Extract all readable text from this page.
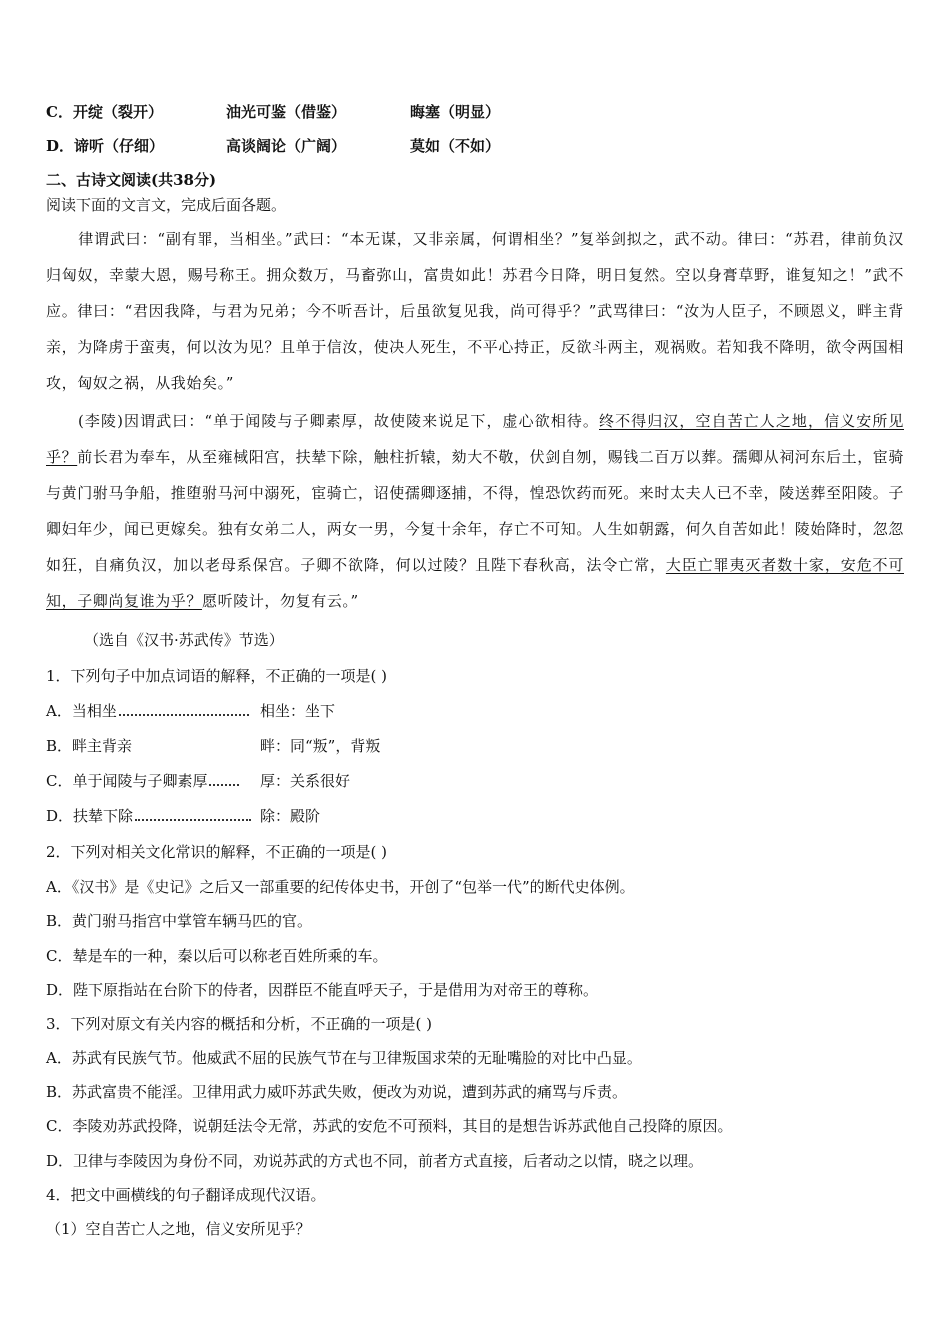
C．开绽（裂开）	油光可鉴（借鉴）	晦塞（明显）
D．谛听（仔细）	高谈阔论（广阔）	莫如（不如）
二、古诗文阅读(共38分)
阅读下面的文言文，完成后面各题。
律谓武曰：“副有罪，当相坐。”武曰：“本无谋，又非亲属，何谓相坐？”复举剑拟之，武不动。律曰：“苏君，律前负汉归匈奴，幸蒙大恩，赐号称王。拥众数万，马畜弥山，富贵如此！苏君今日降，明日复然。空以身膏草野，谁复知之！”武不应。律曰：“君因我降，与君为兄弟；今不听吾计，后虽欲复见我，尚可得乎？”武骂律曰：“汝为人臣子，不顾恩义，畔主背亲，为降虏于蛮夷，何以汝为见？且单于信汝，使决人死生，不平心持正，反欲斗两主，观祸败。若知我不降明，欲令两国相攻，匈奴之祸，从我始矣。”
(李陵)因谓武曰：“单于闻陵与子卿素厚，故使陵来说足下，虚心欲相待。终不得归汉，空自苦亡人之地，信义安所见乎？前长君为奉车，从至雍棫阳宫，扶辇下除，触柱折辕，劾大不敬，伏剑自刎，赐钱二百万以葬。孺卿从祠河东后土，宦骑与黄门驸马争船，推堕驸马河中溺死，宦骑亡，诏使孺卿逐捕，不得，惶恐饮药而死。来时太夫人已不幸，陵送葬至阳陵。子卿妇年少，闻已更嫁矣。独有女弟二人，两女一男，今复十余年，存亡不可知。人生如朝露，何久自苦如此！陵始降时，忽忽如狂，自痛负汉，加以老母系保宫。子卿不欲降，何以过陵？且陛下春秋高，法令亡常，大臣亡罪夷灭者数十家，安危不可知，子卿尚复谁为乎？愿听陵计，勿复有云。”
（选自《汉书·苏武传》节选）
1．下列句子中加点词语的解释，不正确的一项是( )
A．当相坐	相坐：坐下
B．畔主背亲	畔：同“叛”，背叛
C．单于闻陵与子卿素厚	厚：关系很好
D．扶辇下除	除：殿阶
2．下列对相关文化常识的解释，不正确的一项是( )
A．《汉书》是《史记》之后又一部重要的纪传体史书，开创了“包举一代”的断代史体例。
B．黄门驸马指宫中掌管车辆马匹的官。
C．辇是车的一种，秦以后可以称老百姓所乘的车。
D．陛下原指站在台阶下的侍者，因群臣不能直呼天子，于是借用为对帝王的尊称。
3．下列对原文有关内容的概括和分析，不正确的一项是( )
A．苏武有民族气节。他威武不屈的民族气节在与卫律叛国求荣的无耻嘴脸的对比中凸显。
B．苏武富贵不能淫。卫律用武力威吓苏武失败，便改为劝说，遭到苏武的痛骂与斥责。
C．李陵劝苏武投降，说朝廷法令无常，苏武的安危不可预料，其目的是想告诉苏武他自己投降的原因。
D．卫律与李陵因为身份不同，劝说苏武的方式也不同，前者方式直接，后者动之以情，晓之以理。
4．把文中画横线的句子翻译成现代汉语。
（1）空自苦亡人之地，信义安所见乎？
